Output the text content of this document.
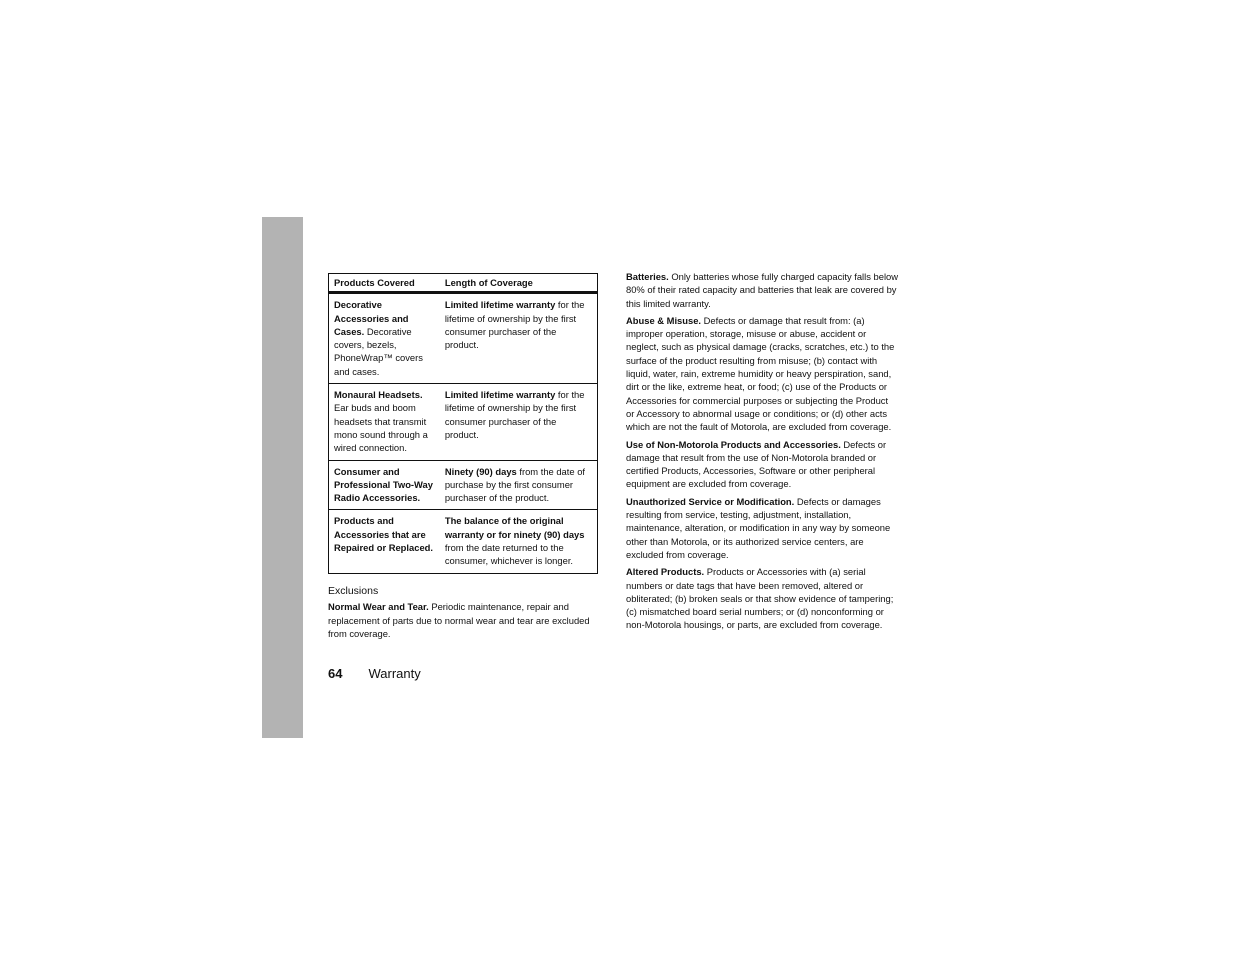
Products Covered	Length of Coverage
Decorative Accessories and Cases. Decorative covers, bezels, PhoneWrap™ covers and cases.	Limited lifetime warranty for the lifetime of ownership by the first consumer purchaser of the product.
Monaural Headsets. Ear buds and boom headsets that transmit mono sound through a wired connection.	Limited lifetime warranty for the lifetime of ownership by the first consumer purchaser of the product.
Consumer and Professional Two-Way Radio Accessories.	Ninety (90) days from the date of purchase by the first consumer purchaser of the product.
Products and Accessories that are Repaired or Replaced.	The balance of the original warranty or for ninety (90) days from the date returned to the consumer, whichever is longer.
Exclusions

Normal Wear and Tear. Periodic maintenance, repair and replacement of parts due to normal wear and tear are excluded from coverage.

Batteries. Only batteries whose fully charged capacity falls below 80% of their rated capacity and batteries that leak are covered by this limited warranty.

Abuse & Misuse. Defects or damage that result from: (a) improper operation, storage, misuse or abuse, accident or neglect, such as physical damage (cracks, scratches, etc.) to the surface of the product resulting from misuse; (b) contact with liquid, water, rain, extreme humidity or heavy perspiration, sand, dirt or the like, extreme heat, or food; (c) use of the Products or Accessories for commercial purposes or subjecting the Product or Accessory to abnormal usage or conditions; or (d) other acts which are not the fault of Motorola, are excluded from coverage.

Use of Non-Motorola Products and Accessories. Defects or damage that result from the use of Non-Motorola branded or certified Products, Accessories, Software or other peripheral equipment are excluded from coverage.

Unauthorized Service or Modification. Defects or damages resulting from service, testing, adjustment, installation, maintenance, alteration, or modification in any way by someone other than Motorola, or its authorized service centers, are excluded from coverage.

Altered Products. Products or Accessories with (a) serial numbers or date tags that have been removed, altered or obliterated; (b) broken seals or that show evidence of tampering; (c) mismatched board serial numbers; or (d) nonconforming or non-Motorola housings, or parts, are excluded from coverage.

64 Warranty
